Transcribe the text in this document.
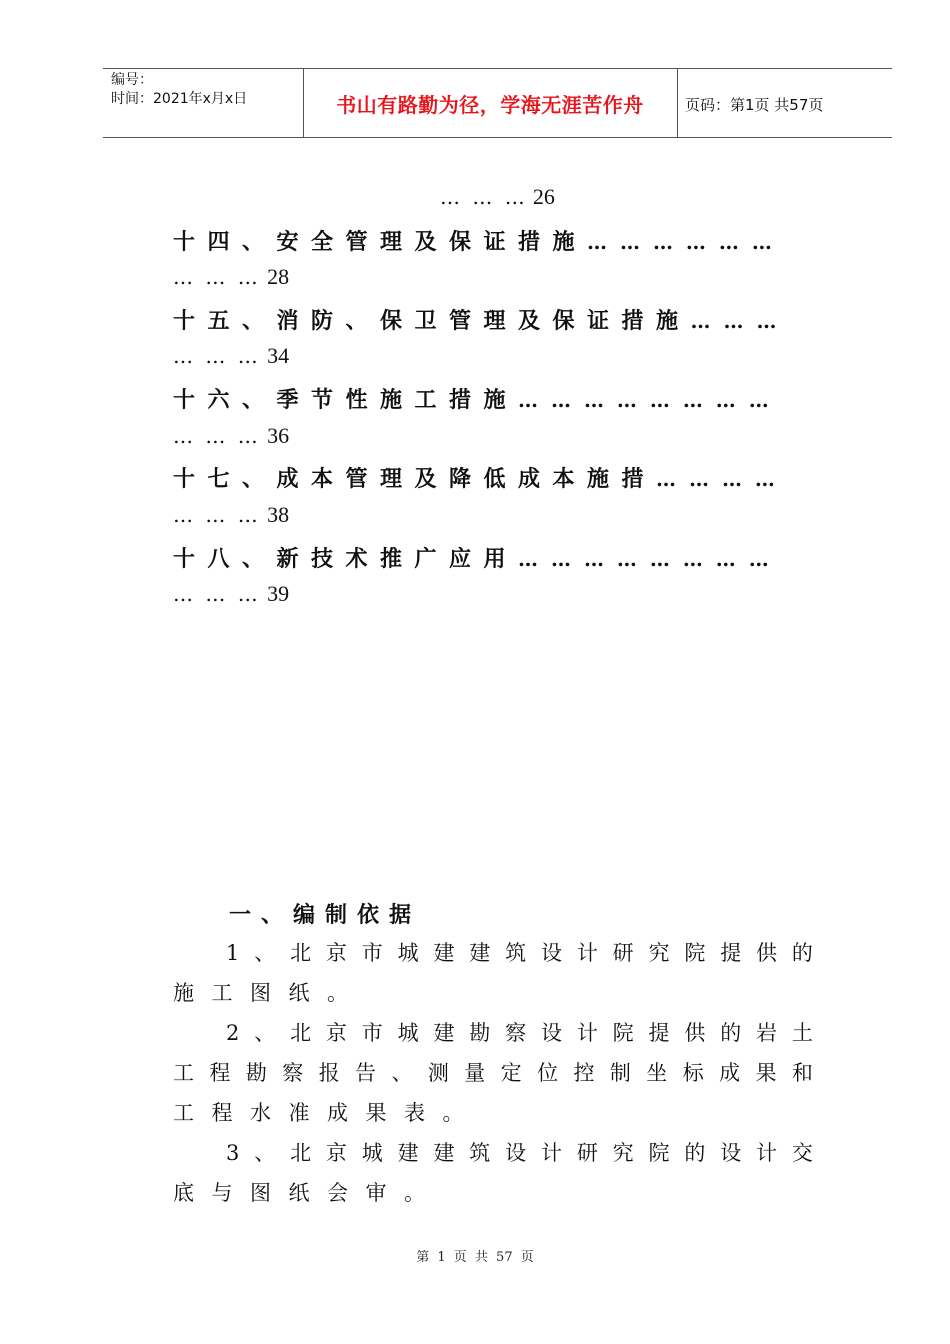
编号：
时间：2021年x月x日	书山有路勤为径，学海无涯苦作舟	页码：第1页 共57页
… … … 26
十四、安全管理及保证措施… … … … … …
… … … 28
十五、消防、保卫管理及保证措施… … …
… … … 34
十六、季节性施工措施… … … … … … … …
… … … 36
十七、成本管理及降低成本施措… … … …
… … … 38
十八、新技术推广应用… … … … … … … …
… … … 39
一、编制依据
1 、 北 京 市 城 建 建 筑 设 计 研 究 院 提 供 的
施 工 图 纸 。
2 、 北 京 市 城 建 勘 察 设 计 院 提 供 的 岩 土
工 程 勘 察 报 告 、 测 量 定 位 控 制 坐 标 成 果 和
工 程 水 准 成 果 表 。
3 、 北 京 城 建 建 筑 设 计 研 究 院 的 设 计 交
底 与 图 纸 会 审 。
第 1 页 共 57 页
